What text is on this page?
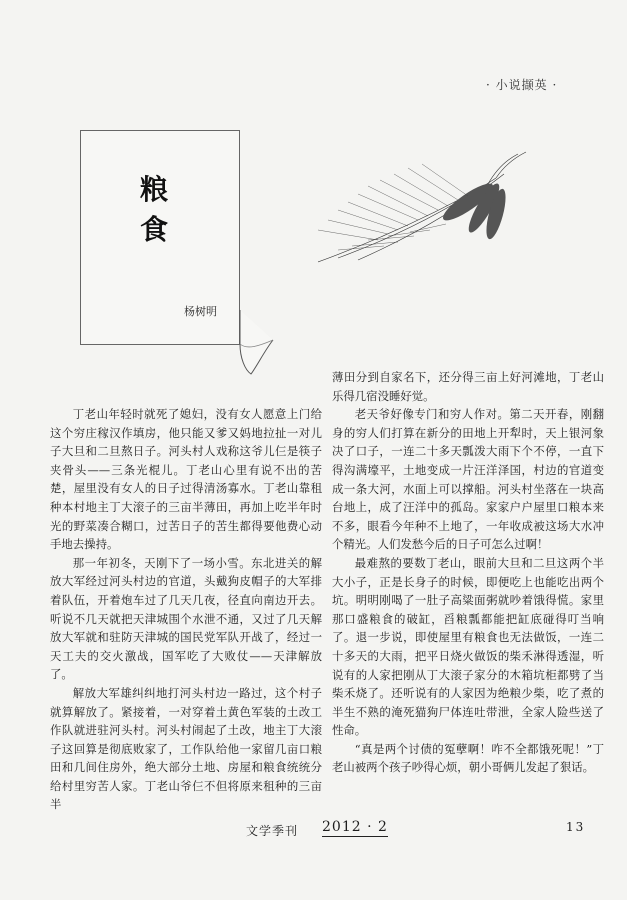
· 小说撷英 ·
粮
食
杨树明

丁老山年轻时就死了媳妇，没有女人愿意上门给这个穷庄稼汉作填房，他只能又爹又妈地拉扯一对儿子大旦和二旦熬日子。河头村人戏称这爷儿仨是筷子夹骨头——三条光棍儿。丁老山心里有说不出的苦楚，屋里没有女人的日子过得清汤寡水。丁老山靠租种本村地主丁大滚子的三亩半薄田，再加上吃半年时光的野菜凑合糊口，过苦日子的苦生都得要他费心动手地去操持。

那一年初冬，天刚下了一场小雪。东北进关的解放大军经过河头村边的官道，头戴狗皮帽子的大军排着队伍，开着炮车过了几天几夜，径直向南边开去。听说不几天就把天津城围个水泄不通，又过了几天解放大军就和驻防天津城的国民党军队开战了，经过一天工夫的交火激战，国军吃了大败仗——天津解放了。

解放大军雄纠纠地打河头村边一路过，这个村子就算解放了。紧接着，一对穿着土黄色军装的土改工作队就进驻河头村。河头村闹起了土改，地主丁大滚子这回算是彻底败家了，工作队给他一家留几亩口粮田和几间住房外，绝大部分土地、房屋和粮食统统分给村里穷苦人家。丁老山爷仨不但将原来租种的三亩半

薄田分到自家名下，还分得三亩上好河滩地，丁老山乐得几宿没睡好觉。

老天爷好像专门和穷人作对。第二天开春，刚翻身的穷人们打算在新分的田地上开犁时，天上银河象决了口子，一连二十多天瓢泼大雨下个不停，一直下得沟满壕平，土地变成一片汪洋泽国，村边的官道变成一条大河，水面上可以撑船。河头村坐落在一块高台地上，成了汪洋中的孤岛。家家户户屋里口粮本来不多，眼看今年种不上地了，一年收成被这场大水冲个精光。人们发愁今后的日子可怎么过啊！

最难熬的要数丁老山，眼前大旦和二旦这两个半大小子，正是长身子的时候，即便吃上也能吃出两个坑。明明刚喝了一肚子高粱面粥就吵着饿得慌。家里那口盛粮食的破缸，舀粮瓢都能把缸底碰得叮当响了。退一步说，即使屋里有粮食也无法做饭，一连二十多天的大雨，把平日烧火做饭的柴禾淋得透湿，听说有的人家把刚从丁大滚子家分的木箱坑柜都劈了当柴禾烧了。还听说有的人家因为绝粮少柴，吃了煮的半生不熟的淹死猫狗尸体连吐带泄，全家人险些送了性命。

“真是两个讨债的冤孽啊！咋不全都饿死呢！”丁老山被两个孩子吵得心烦，朝小哥俩儿发起了狠话。

文学季刊 2012 · 2	13
